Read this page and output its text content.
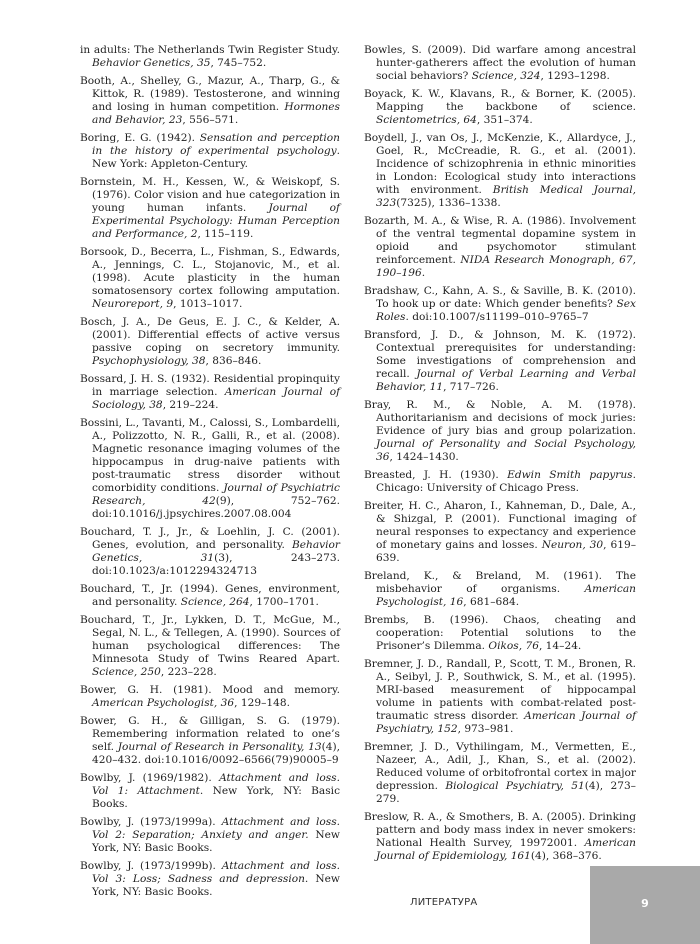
in adults: The Netherlands Twin Register Study. Behavior Genetics, 35, 745–752.

Booth, A., Shelley, G., Mazur, A., Tharp, G., & Kittok, R. (1989). Testosterone, and winning and losing in human competition. Hormones and Behavior, 23, 556–571.

Boring, E. G. (1942). Sensation and perception in the history of experimental psychology. New York: Appleton-Century.

Bornstein, M. H., Kessen, W., & Weiskopf, S. (1976). Color vision and hue categorization in young human infants. Journal of Experimental Psychology: Human Perception and Performance, 2, 115–119.

Borsook, D., Becerra, L., Fishman, S., Edwards, A., Jennings, C. L., Stojanovic, M., et al. (1998). Acute plasticity in the human somatosensory cortex following amputation. Neuroreport, 9, 1013–1017.

Bosch, J. A., De Geus, E. J. C., & Kelder, A. (2001). Differential effects of active versus passive coping on secretory immunity. Psychophysiology, 38, 836–846.

Bossard, J. H. S. (1932). Residential propinquity in marriage selection. American Journal of Sociology, 38, 219–224.

Bossini, L., Tavanti, M., Calossi, S., Lombardelli, A., Polizzotto, N. R., Galli, R., et al. (2008). Magnetic resonance imaging volumes of the hippocampus in drug-naive patients with post-traumatic stress disorder without comorbidity conditions. Journal of Psychiatric Research, 42(9), 752–762. doi:10.1016/j.jpsychires.2007.08.004

Bouchard, T. J., Jr., & Loehlin, J. C. (2001). Genes, evolution, and personality. Behavior Genetics, 31(3), 243–273. doi:10.1023/a:1012294324713

Bouchard, T., Jr. (1994). Genes, environment, and personality. Science, 264, 1700–1701.

Bouchard, T., Jr., Lykken, D. T., McGue, M., Segal, N. L., & Tellegen, A. (1990). Sources of human psychological differences: The Minnesota Study of Twins Reared Apart. Science, 250, 223–228.

Bower, G. H. (1981). Mood and memory. American Psychologist, 36, 129–148.

Bower, G. H., & Gilligan, S. G. (1979). Remembering information related to one’s self. Journal of Research in Personality, 13(4), 420–432. doi:10.1016/0092–6566(79)90005–9

Bowlby, J. (1969/1982). Attachment and loss. Vol 1: Attachment. New York, NY: Basic Books.

Bowlby, J. (1973/1999a). Attachment and loss. Vol 2: Separation; Anxiety and anger. New York, NY: Basic Books.

Bowlby, J. (1973/1999b). Attachment and loss. Vol 3: Loss; Sadness and depression. New York, NY: Basic Books.

Bowles, S. (2009). Did warfare among ancestral hunter-gatherers affect the evolution of human social behaviors? Science, 324, 1293–1298.

Boyack, K. W., Klavans, R., & Borner, K. (2005). Mapping the backbone of science. Scientometrics, 64, 351–374.

Boydell, J., van Os, J., McKenzie, K., Allardyce, J., Goel, R., McCreadie, R. G., et al. (2001). Incidence of schizophrenia in ethnic minorities in London: Ecological study into interactions with environment. British Medical Journal, 323(7325), 1336–1338.

Bozarth, M. A., & Wise, R. A. (1986). Involvement of the ventral tegmental dopamine system in opioid and psychomotor stimulant reinforcement. NIDA Research Monograph, 67, 190–196.

Bradshaw, C., Kahn, A. S., & Saville, B. K. (2010). To hook up or date: Which gender benefits? Sex Roles. doi:10.1007/s11199–010–9765–7

Bransford, J. D., & Johnson, M. K. (1972). Contextual prerequisites for understanding: Some investigations of comprehension and recall. Journal of Verbal Learning and Verbal Behavior, 11, 717–726.

Bray, R. M., & Noble, A. M. (1978). Authoritarianism and decisions of mock juries: Evidence of jury bias and group polarization. Journal of Personality and Social Psychology, 36, 1424–1430.

Breasted, J. H. (1930). Edwin Smith papyrus. Chicago: University of Chicago Press.

Breiter, H. C., Aharon, I., Kahneman, D., Dale, A., & Shizgal, P. (2001). Functional imaging of neural responses to expectancy and experience of monetary gains and losses. Neuron, 30, 619–639.

Breland, K., & Breland, M. (1961). The misbehavior of organisms. American Psychologist, 16, 681–684.

Brembs, B. (1996). Chaos, cheating and cooperation: Potential solutions to the Prisoner’s Dilemma. Oikos, 76, 14–24.

Bremner, J. D., Randall, P., Scott, T. M., Bronen, R. A., Seibyl, J. P., Southwick, S. M., et al. (1995). MRI-based measurement of hippocampal volume in patients with combat-related post-traumatic stress disorder. American Journal of Psychiatry, 152, 973–981.

Bremner, J. D., Vythilingam, M., Vermetten, E., Nazeer, A., Adil, J., Khan, S., et al. (2002). Reduced volume of orbitofrontal cortex in major depression. Biological Psychiatry, 51(4), 273–279.

Breslow, R. A., & Smothers, B. A. (2005). Drinking pattern and body mass index in never smokers: National Health Survey, 19972001. American Journal of Epidemiology, 161(4), 368–376.

ЛИТЕРАТУРА	9
